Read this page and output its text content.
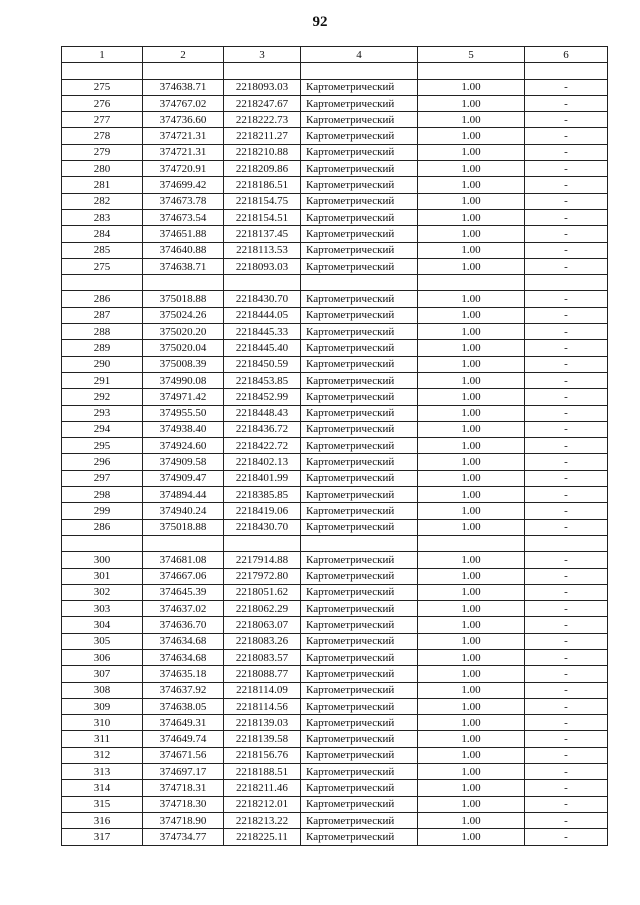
92
1	2	3	4	5	6

275	374638.71	2218093.03	Картометрический	1.00	-
276	374767.02	2218247.67	Картометрический	1.00	-
277	374736.60	2218222.73	Картометрический	1.00	-
278	374721.31	2218211.27	Картометрический	1.00	-
279	374721.31	2218210.88	Картометрический	1.00	-
280	374720.91	2218209.86	Картометрический	1.00	-
281	374699.42	2218186.51	Картометрический	1.00	-
282	374673.78	2218154.75	Картометрический	1.00	-
283	374673.54	2218154.51	Картометрический	1.00	-
284	374651.88	2218137.45	Картометрический	1.00	-
285	374640.88	2218113.53	Картометрический	1.00	-
275	374638.71	2218093.03	Картометрический	1.00	-

286	375018.88	2218430.70	Картометрический	1.00	-
287	375024.26	2218444.05	Картометрический	1.00	-
288	375020.20	2218445.33	Картометрический	1.00	-
289	375020.04	2218445.40	Картометрический	1.00	-
290	375008.39	2218450.59	Картометрический	1.00	-
291	374990.08	2218453.85	Картометрический	1.00	-
292	374971.42	2218452.99	Картометрический	1.00	-
293	374955.50	2218448.43	Картометрический	1.00	-
294	374938.40	2218436.72	Картометрический	1.00	-
295	374924.60	2218422.72	Картометрический	1.00	-
296	374909.58	2218402.13	Картометрический	1.00	-
297	374909.47	2218401.99	Картометрический	1.00	-
298	374894.44	2218385.85	Картометрический	1.00	-
299	374940.24	2218419.06	Картометрический	1.00	-
286	375018.88	2218430.70	Картометрический	1.00	-

300	374681.08	2217914.88	Картометрический	1.00	-
301	374667.06	2217972.80	Картометрический	1.00	-
302	374645.39	2218051.62	Картометрический	1.00	-
303	374637.02	2218062.29	Картометрический	1.00	-
304	374636.70	2218063.07	Картометрический	1.00	-
305	374634.68	2218083.26	Картометрический	1.00	-
306	374634.68	2218083.57	Картометрический	1.00	-
307	374635.18	2218088.77	Картометрический	1.00	-
308	374637.92	2218114.09	Картометрический	1.00	-
309	374638.05	2218114.56	Картометрический	1.00	-
310	374649.31	2218139.03	Картометрический	1.00	-
311	374649.74	2218139.58	Картометрический	1.00	-
312	374671.56	2218156.76	Картометрический	1.00	-
313	374697.17	2218188.51	Картометрический	1.00	-
314	374718.31	2218211.46	Картометрический	1.00	-
315	374718.30	2218212.01	Картометрический	1.00	-
316	374718.90	2218213.22	Картометрический	1.00	-
317	374734.77	2218225.11	Картометрический	1.00	-
